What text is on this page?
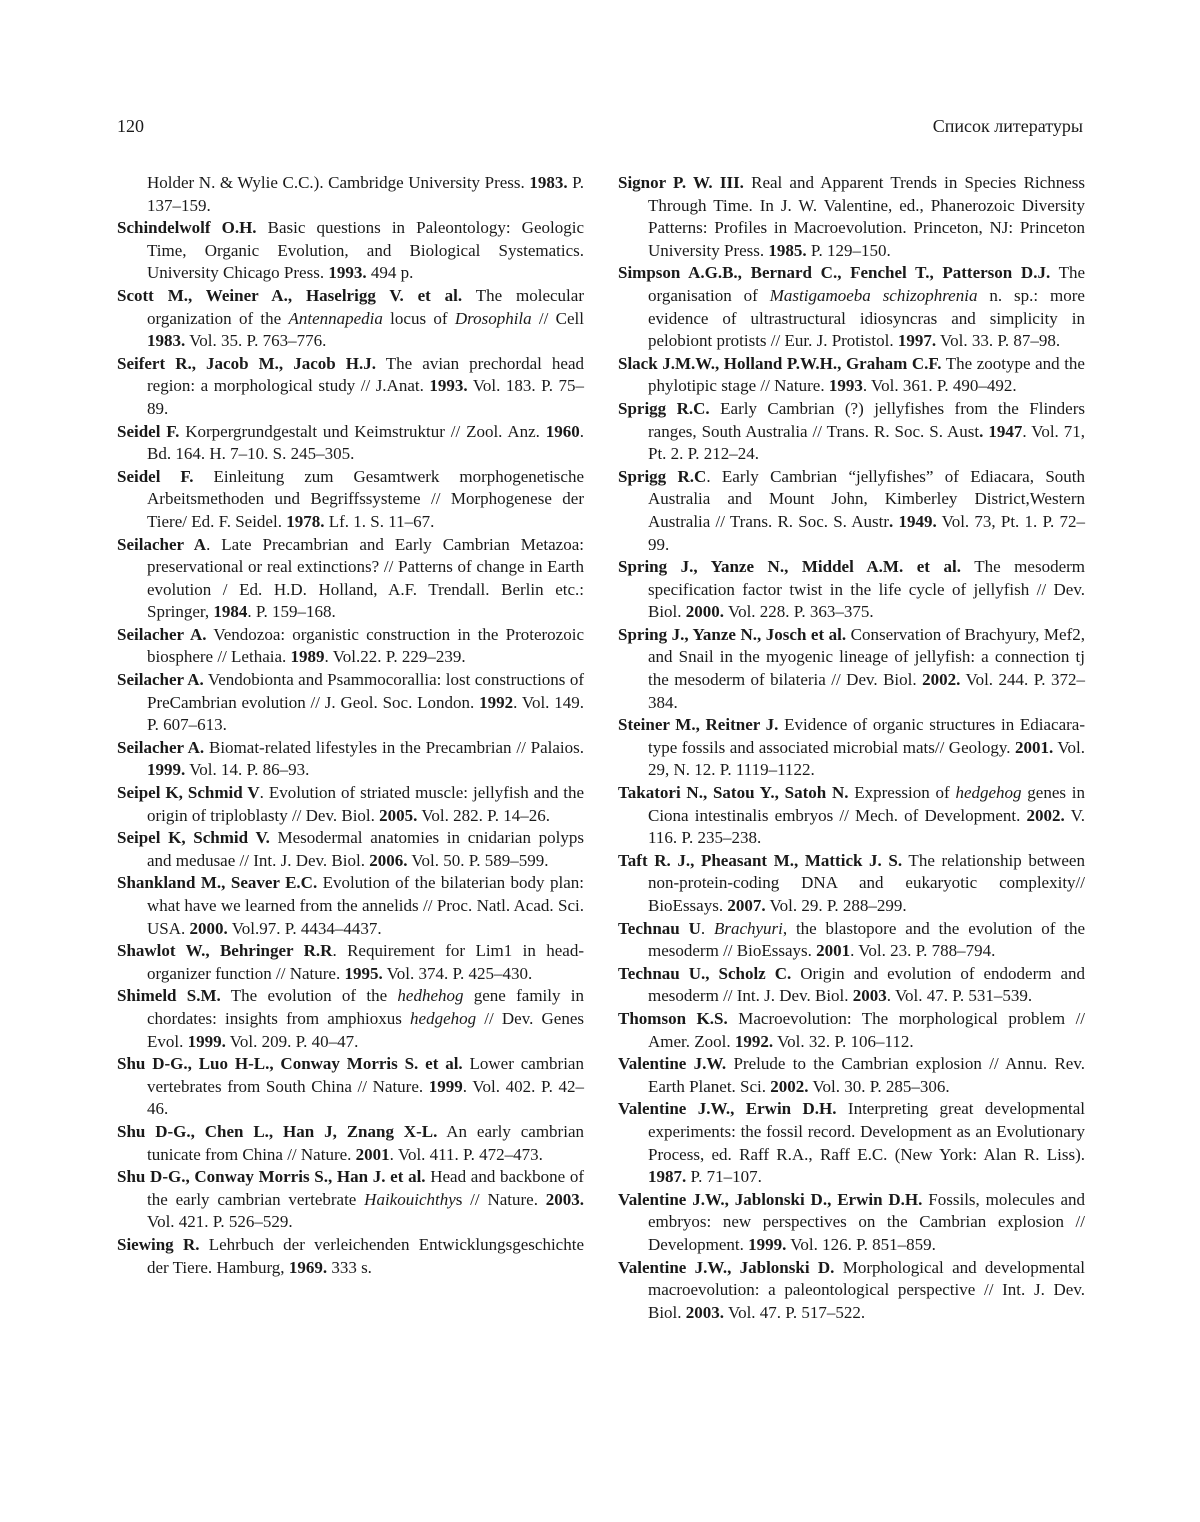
120	Список литературы

Holder N. & Wylie C.C.). Cambridge University Press. 1983. P. 137–159.

Schindelwolf O.H. Basic questions in Paleontology: Geologic Time, Organic Evolution, and Biological Systematics. University Chicago Press. 1993. 494 p.

Scott M., Weiner A., Haselrigg V. et al. The molecular organization of the Antennapedia locus of Drosophila // Cell 1983. Vol. 35. P. 763–776.

Seifert R., Jacob M., Jacob H.J. The avian prechordal head region: a morphological study // J.Anat. 1993. Vol. 183. P. 75–89.

Seidel F. Korpergrundgestalt und Keimstruktur // Zool. Anz. 1960. Bd. 164. H. 7–10. S. 245–305.

Seidel F. Einleitung zum Gesamtwerk morphogenetische Arbeitsmethoden und Begriffssysteme // Morphogenese der Tiere/ Ed. F. Seidel. 1978. Lf. 1. S. 11–67.

Seilacher A. Late Precambrian and Early Cambrian Metazoa: preservational or real extinctions? // Patterns of change in Earth evolution / Ed. H.D. Holland, A.F. Trendall. Berlin etc.: Springer, 1984. P. 159–168.

Seilacher A. Vendozoa: organistic construction in the Proterozoic biosphere // Lethaia. 1989. Vol.22. P. 229–239.

Seilacher A. Vendobionta and Psammocorallia: lost constructions of PreCambrian evolution // J. Geol. Soc. London. 1992. Vol. 149. P. 607–613.

Seilacher A. Biomat-related lifestyles in the Precambrian // Palaios. 1999. Vol. 14. P. 86–93.

Seipel K, Schmid V. Evolution of striated muscle: jellyfish and the origin of triploblasty // Dev. Biol. 2005. Vol. 282. P. 14–26.

Seipel K, Schmid V. Mesodermal anatomies in cnidarian polyps and medusae // Int. J. Dev. Biol. 2006. Vol. 50. P. 589–599.

Shankland M., Seaver E.C. Evolution of the bilaterian body plan: what have we learned from the annelids // Proc. Natl. Acad. Sci. USA. 2000. Vol.97. P. 4434–4437.

Shawlot W., Behringer R.R. Requirement for Lim1 in head-organizer function // Nature. 1995. Vol. 374. P. 425–430.

Shimeld S.M. The evolution of the hedhehog gene family in chordates: insights from amphioxus hedgehog // Dev. Genes Evol. 1999. Vol. 209. P. 40–47.

Shu D-G., Luo H-L., Conway Morris S. et al. Lower cambrian vertebrates from South China // Nature. 1999. Vol. 402. P. 42–46.

Shu D-G., Chen L., Han J, Znang X-L. An early cambrian tunicate from China // Nature. 2001. Vol. 411. P. 472–473.

Shu D-G., Conway Morris S., Han J. et al. Head and backbone of the early cambrian vertebrate Haikouichthys // Nature. 2003. Vol. 421. P. 526–529.

Siewing R. Lehrbuch der verleichenden Entwicklungsgeschichte der Tiere. Hamburg, 1969. 333 s.

Signor P. W. III. Real and Apparent Trends in Species Richness Through Time. In J. W. Valentine, ed., Phanerozoic Diversity Patterns: Profiles in Macroevolution. Princeton, NJ: Princeton University Press. 1985. P. 129–150.

Simpson A.G.B., Bernard C., Fenchel T., Patterson D.J. The organisation of Mastigamoeba schizophrenia n. sp.: more evidence of ultrastructural idiosyncras and simplicity in pelobiont protists // Eur. J. Protistol. 1997. Vol. 33. P. 87–98.

Slack J.M.W., Holland P.W.H., Graham C.F. The zootype and the phylotipic stage // Nature. 1993. Vol. 361. P. 490–492.

Sprigg R.C. Early Cambrian (?) jellyfishes from the Flinders ranges, South Australia // Trans. R. Soc. S. Aust. 1947. Vol. 71, Pt. 2. P. 212–24.

Sprigg R.C. Early Cambrian “jellyfishes” of Ediacara, South Australia and Mount John, Kimberley District,Western Australia // Trans. R. Soc. S. Austr. 1949. Vol. 73, Pt. 1. P. 72–99.

Spring J., Yanze N., Middel A.M. et al. The mesoderm specification factor twist in the life cycle of jellyfish // Dev. Biol. 2000. Vol. 228. P. 363–375.

Spring J., Yanze N., Josch et al. Conservation of Brachyury, Mef2, and Snail in the myogenic lineage of jellyfish: a connection tj the mesoderm of bilateria // Dev. Biol. 2002. Vol. 244. P. 372–384.

Steiner M., Reitner J. Evidence of organic structures in Ediacara-type fossils and associated microbial mats// Geology. 2001. Vol. 29, N. 12. P. 1119–1122.

Takatori N., Satou Y., Satoh N. Expression of hedgehog genes in Ciona intestinalis embryos // Mech. of Development. 2002. V. 116. P. 235–238.

Taft R. J., Pheasant M., Mattick J. S. The relationship between non-protein-coding DNA and eukaryotic complexity// BioEssays. 2007. Vol. 29. P. 288–299.

Technau U. Brachyuri, the blastopore and the evolution of the mesoderm // BioEssays. 2001. Vol. 23. P. 788–794.

Technau U., Scholz C. Origin and evolution of endoderm and mesoderm // Int. J. Dev. Biol. 2003. Vol. 47. P. 531–539.

Thomson K.S. Macroevolution: The morphological problem // Amer. Zool. 1992. Vol. 32. P. 106–112.

Valentine J.W. Prelude to the Cambrian explosion // Annu. Rev. Earth Planet. Sci. 2002. Vol. 30. P. 285–306.

Valentine J.W., Erwin D.H. Interpreting great developmental experiments: the fossil record. Development as an Evolutionary Process, ed. Raff R.A., Raff E.C. (New York: Alan R. Liss). 1987. P. 71–107.

Valentine J.W., Jablonski D., Erwin D.H. Fossils, molecules and embryos: new perspectives on the Cambrian explosion // Development. 1999. Vol. 126. P. 851–859.

Valentine J.W., Jablonski D. Morphological and developmental macroevolution: a paleontological perspective // Int. J. Dev. Biol. 2003. Vol. 47. P. 517–522.
